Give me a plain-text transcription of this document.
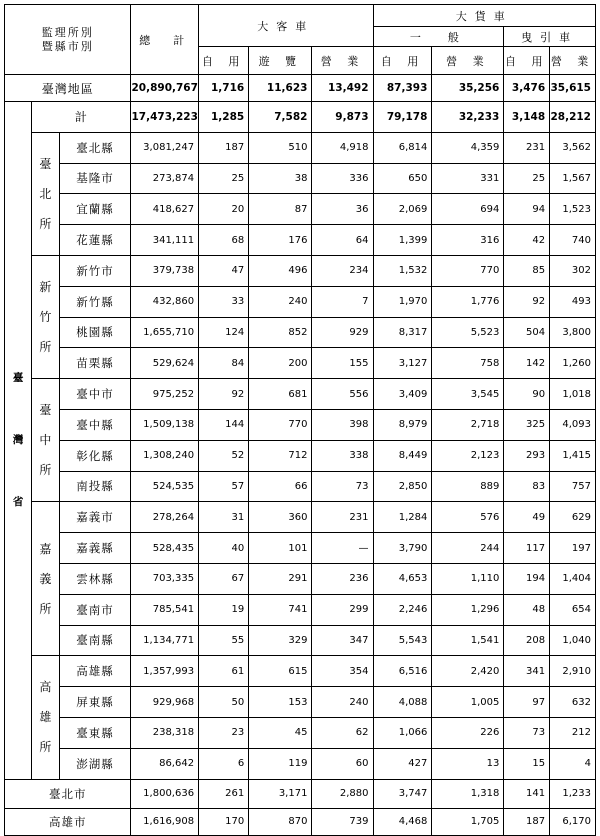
監理所別
暨縣市別			總　計	大客車			大貨車			
							一　般		曳引車	
				自 用	遊 覽	營 業	自 用	營 業	自 用	營 業
臺灣地區			20,890,767	1,716	11,623	13,492	87,393	35,256	3,476	35,615
臺
灣
省	計		17,473,223	1,285	7,582	9,873	79,178	32,233	3,148	28,212
	臺
北
所	臺北縣	3,081,247	187	510	4,918	6,814	4,359	231	3,562
		基隆市	273,874	25	38	336	650	331	25	1,567
		宜蘭縣	418,627	20	87	36	2,069	694	94	1,523
		花蓮縣	341,111	68	176	64	1,399	316	42	740
	新
竹
所	新竹市	379,738	47	496	234	1,532	770	85	302
		新竹縣	432,860	33	240	7	1,970	1,776	92	493
		桃園縣	1,655,710	124	852	929	8,317	5,523	504	3,800
		苗栗縣	529,624	84	200	155	3,127	758	142	1,260
	臺
中
所	臺中市	975,252	92	681	556	3,409	3,545	90	1,018
		臺中縣	1,509,138	144	770	398	8,979	2,718	325	4,093
		彰化縣	1,308,240	52	712	338	8,449	2,123	293	1,415
		南投縣	524,535	57	66	73	2,850	889	83	757
	嘉
義
所	嘉義市	278,264	31	360	231	1,284	576	49	629
		嘉義縣	528,435	40	101	—	3,790	244	117	197
		雲林縣	703,335	67	291	236	4,653	1,110	194	1,404
		臺南市	785,541	19	741	299	2,246	1,296	48	654
		臺南縣	1,134,771	55	329	347	5,543	1,541	208	1,040
	高
雄
所	高雄縣	1,357,993	61	615	354	6,516	2,420	341	2,910
		屏東縣	929,968	50	153	240	4,088	1,005	97	632
		臺東縣	238,318	23	45	62	1,066	226	73	212
		澎湖縣	86,642	6	119	60	427	13	15	4
臺北市			1,800,636	261	3,171	2,880	3,747	1,318	141	1,233
高雄市			1,616,908	170	870	739	4,468	1,705	187	6,170
